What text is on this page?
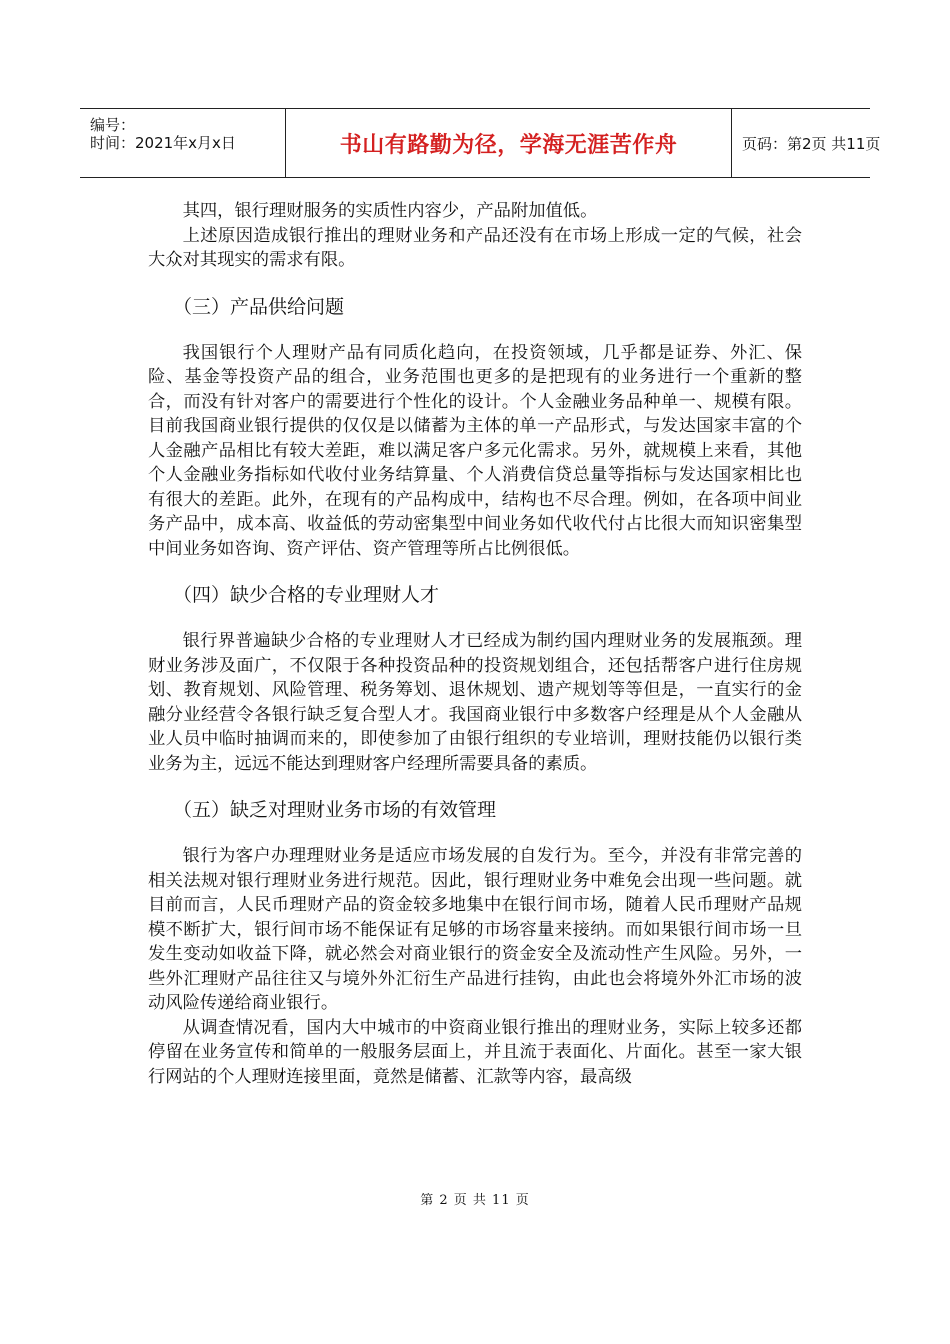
编号：
时间：2021年x月x日	书山有路勤为径，学海无涯苦作舟	页码：第2页 共11页

其四，银行理财服务的实质性内容少，产品附加值低。

上述原因造成银行推出的理财业务和产品还没有在市场上形成一定的气候，社会大众对其现实的需求有限。

（三）产品供给问题

我国银行个人理财产品有同质化趋向，在投资领域，几乎都是证券、外汇、保险、基金等投资产品的组合，业务范围也更多的是把现有的业务进行一个重新的整合，而没有针对客户的需要进行个性化的设计。个人金融业务品种单一、规模有限。目前我国商业银行提供的仅仅是以储蓄为主体的单一产品形式，与发达国家丰富的个人金融产品相比有较大差距，难以满足客户多元化需求。另外，就规模上来看，其他个人金融业务指标如代收付业务结算量、个人消费信贷总量等指标与发达国家相比也有很大的差距。此外，在现有的产品构成中，结构也不尽合理。例如，在各项中间业务产品中，成本高、收益低的劳动密集型中间业务如代收代付占比很大而知识密集型中间业务如咨询、资产评估、资产管理等所占比例很低。

（四）缺少合格的专业理财人才

银行界普遍缺少合格的专业理财人才已经成为制约国内理财业务的发展瓶颈。理财业务涉及面广，不仅限于各种投资品种的投资规划组合，还包括帮客户进行住房规划、教育规划、风险管理、税务筹划、退休规划、遗产规划等等但是，一直实行的金融分业经营令各银行缺乏复合型人才。我国商业银行中多数客户经理是从个人金融从业人员中临时抽调而来的，即使参加了由银行组织的专业培训，理财技能仍以银行类业务为主，远远不能达到理财客户经理所需要具备的素质。

（五）缺乏对理财业务市场的有效管理

银行为客户办理理财业务是适应市场发展的自发行为。至今，并没有非常完善的相关法规对银行理财业务进行规范。因此，银行理财业务中难免会出现一些问题。就目前而言，人民币理财产品的资金较多地集中在银行间市场，随着人民币理财产品规模不断扩大，银行间市场不能保证有足够的市场容量来接纳。而如果银行间市场一旦发生变动如收益下降，就必然会对商业银行的资金安全及流动性产生风险。另外，一些外汇理财产品往往又与境外外汇衍生产品进行挂钩，由此也会将境外外汇市场的波动风险传递给商业银行。

从调查情况看，国内大中城市的中资商业银行推出的理财业务，实际上较多还都停留在业务宣传和简单的一般服务层面上，并且流于表面化、片面化。甚至一家大银行网站的个人理财连接里面，竟然是储蓄、汇款等内容，最高级

第 2 页 共 11 页
